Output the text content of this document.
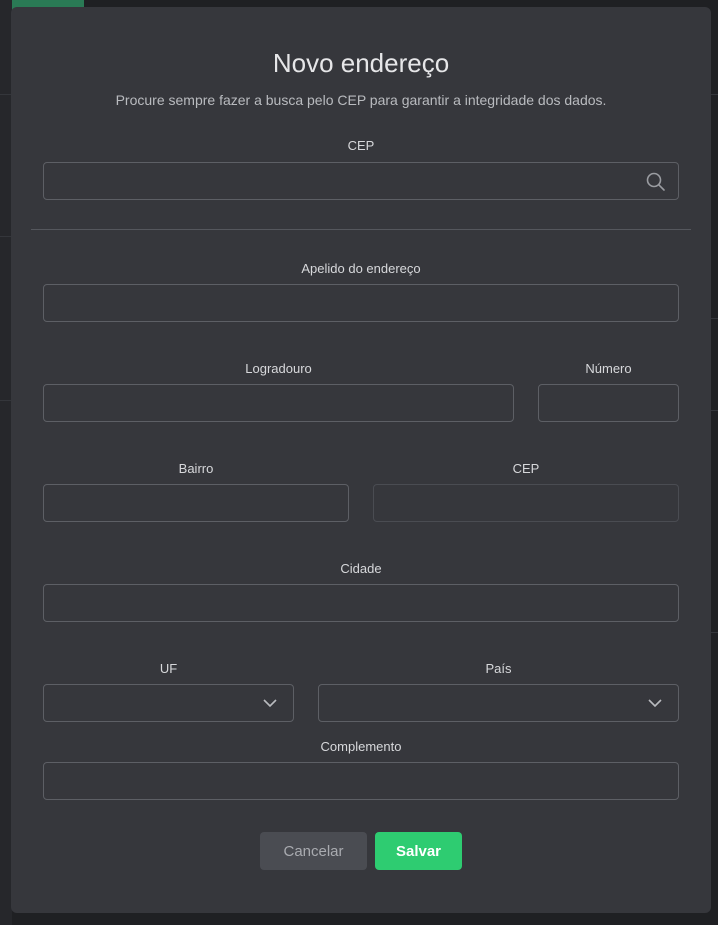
Novo endereço
Procure sempre fazer a busca pelo CEP para garantir a integridade dos dados.
CEP
Apelido do endereço
Logradouro	Número
Bairro	CEP
Cidade
UF	País
Complemento
Cancelar	Salvar
